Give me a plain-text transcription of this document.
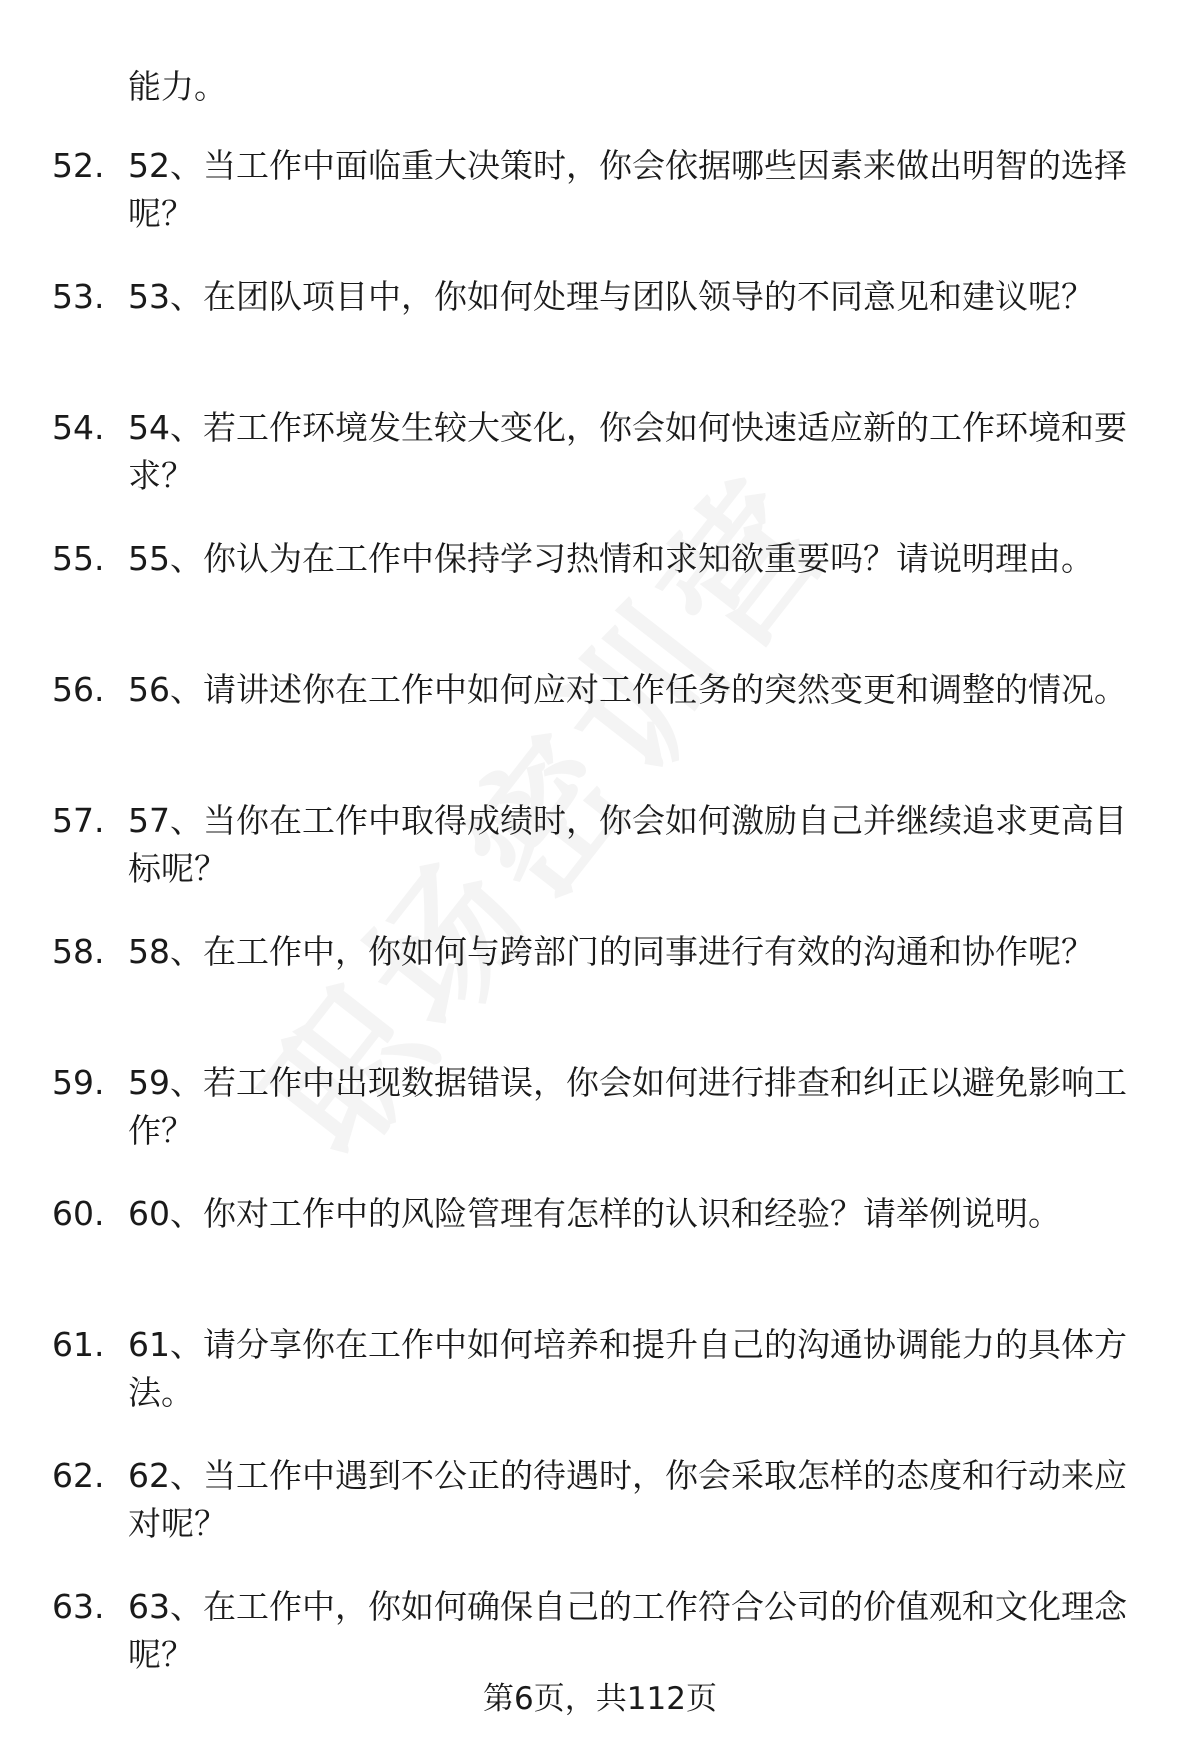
能力。
52. 52、当工作中面临重大决策时，你会依据哪些因素来做出明智的选择呢？
53. 53、在团队项目中，你如何处理与团队领导的不同意见和建议呢？
54. 54、若工作环境发生较大变化，你会如何快速适应新的工作环境和要求？
55. 55、你认为在工作中保持学习热情和求知欲重要吗？请说明理由。
56. 56、请讲述你在工作中如何应对工作任务的突然变更和调整的情况。
57. 57、当你在工作中取得成绩时，你会如何激励自己并继续追求更高目标呢？
58. 58、在工作中，你如何与跨部门的同事进行有效的沟通和协作呢？
59. 59、若工作中出现数据错误，你会如何进行排查和纠正以避免影响工作？
60. 60、你对工作中的风险管理有怎样的认识和经验？请举例说明。
61. 61、请分享你在工作中如何培养和提升自己的沟通协调能力的具体方法。
62. 62、当工作中遇到不公正的待遇时，你会采取怎样的态度和行动来应对呢？
63. 63、在工作中，你如何确保自己的工作符合公司的价值观和文化理念呢？
第6页，共112页
